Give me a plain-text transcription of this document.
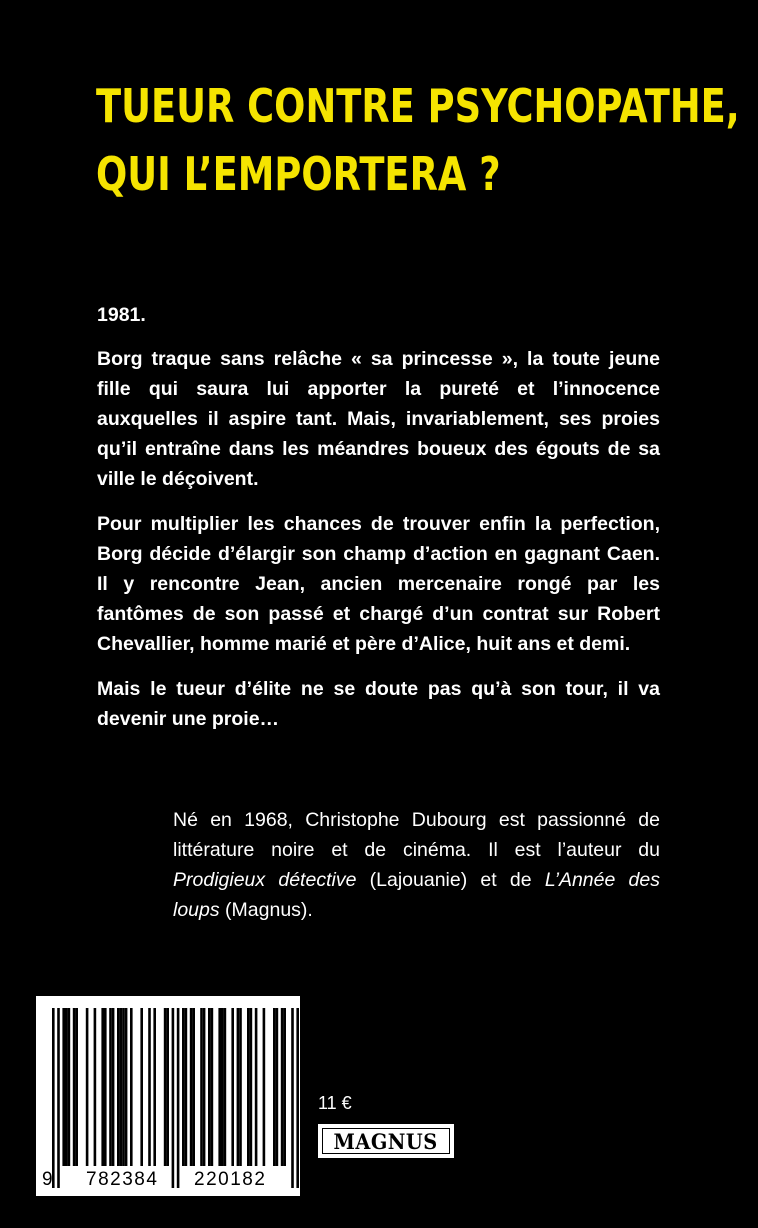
TUEUR CONTRE PSYCHOPATHE,
QUI L’EMPORTERA ?

1981.

Borg traque sans relâche « sa princesse », la toute jeune fille qui saura lui apporter la pureté et l’innocence auxquelles il aspire tant. Mais, invariablement, ses proies qu’il entraîne dans les méandres boueux des égouts de sa ville le déçoivent.

Pour multiplier les chances de trouver enfin la perfection, Borg décide d’élargir son champ d’action en gagnant Caen. Il y rencontre Jean, ancien mercenaire rongé par les fantômes de son passé et chargé d’un contrat sur Robert Chevallier, homme marié et père d’Alice, huit ans et demi.

Mais le tueur d’élite ne se doute pas qu’à son tour, il va devenir une proie…

Né en 1968, Christophe Dubourg est passionné de littérature noire et de cinéma. Il est l’auteur du Prodigieux détective (Lajouanie) et de L’Année des loups (Magnus).
9 782384 220182
11 €
MAGNUS
